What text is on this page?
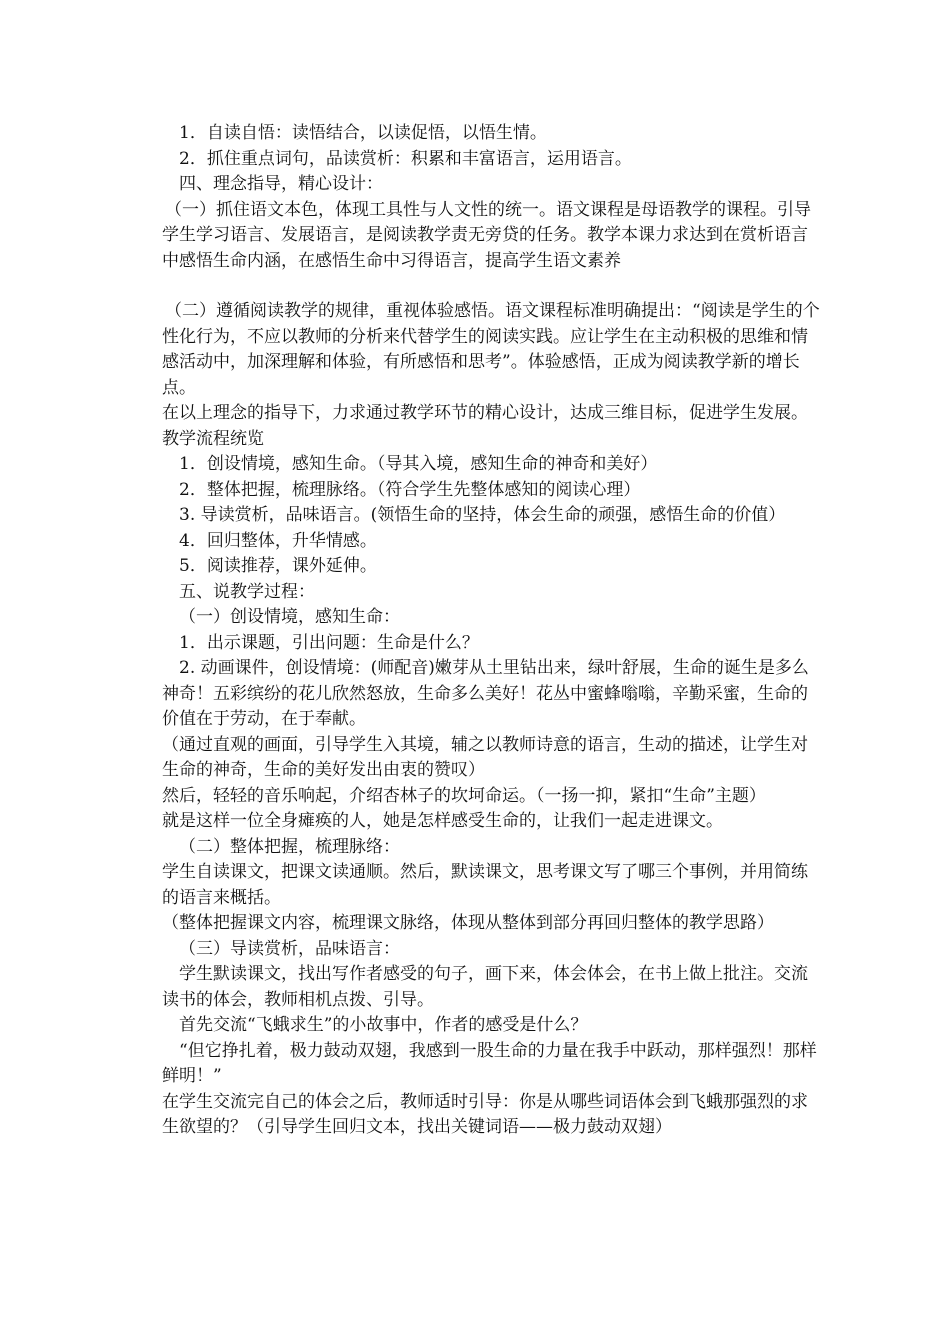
1．自读自悟：读悟结合，以读促悟，以悟生情。

2．抓住重点词句，品读赏析：积累和丰富语言，运用语言。

四、理念指导，精心设计：

（一）抓住语文本色，体现工具性与人文性的统一。语文课程是母语教学的课程。引导学生学习语言、发展语言，是阅读教学责无旁贷的任务。教学本课力求达到在赏析语言中感悟生命内涵，在感悟生命中习得语言，提高学生语文素养

（二）遵循阅读教学的规律，重视体验感悟。语文课程标准明确提出：“阅读是学生的个性化行为，不应以教师的分析来代替学生的阅读实践。应让学生在主动积极的思维和情感活动中，加深理解和体验，有所感悟和思考”。体验感悟，正成为阅读教学新的增长点。

在以上理念的指导下，力求通过教学环节的精心设计，达成三维目标，促进学生发展。

教学流程统览

1．创设情境，感知生命。（导其入境，感知生命的神奇和美好）

2．整体把握，梳理脉络。（符合学生先整体感知的阅读心理）

3. 导读赏析，品味语言。(领悟生命的坚持，体会生命的顽强，感悟生命的价值）

4．回归整体，升华情感。

5．阅读推荐，课外延伸。

五、说教学过程：

（一）创设情境，感知生命：

1．出示课题，引出问题：生命是什么？

2. 动画课件，创设情境：(师配音)嫩芽从土里钻出来，绿叶舒展，生命的诞生是多么神奇！五彩缤纷的花儿欣然怒放，生命多么美好！花丛中蜜蜂嗡嗡，辛勤采蜜，生命的价值在于劳动，在于奉献。

（通过直观的画面，引导学生入其境，辅之以教师诗意的语言，生动的描述，让学生对生命的神奇，生命的美好发出由衷的赞叹）

然后，轻轻的音乐响起，介绍杏林子的坎坷命运。（一扬一抑，紧扣“生命”主题）

就是这样一位全身瘫痪的人，她是怎样感受生命的，让我们一起走进课文。

（二）整体把握，梳理脉络：

学生自读课文，把课文读通顺。然后，默读课文，思考课文写了哪三个事例，并用简练的语言来概括。

（整体把握课文内容，梳理课文脉络，体现从整体到部分再回归整体的教学思路）

（三）导读赏析，品味语言：

学生默读课文，找出写作者感受的句子，画下来，体会体会，在书上做上批注。交流读书的体会，教师相机点拨、引导。

首先交流“飞蛾求生”的小故事中，作者的感受是什么？

“但它挣扎着，极力鼓动双翅，我感到一股生命的力量在我手中跃动，那样强烈！那样鲜明！”

在学生交流完自己的体会之后，教师适时引导：你是从哪些词语体会到飞蛾那强烈的求生欲望的？（引导学生回归文本，找出关键词语——极力鼓动双翅）
